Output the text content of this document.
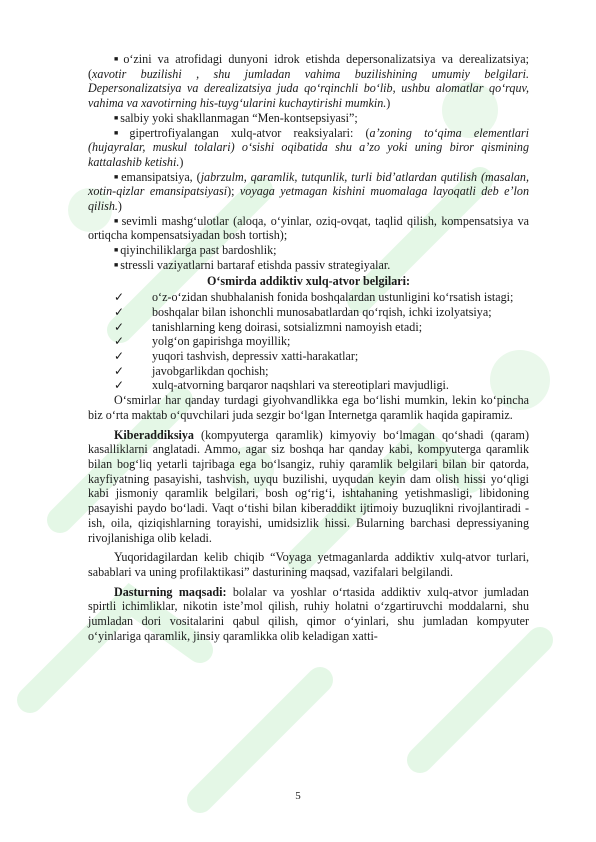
■ o‘zini va atrofidagi dunyoni idrok etishda depersonalizatsiya va derealizatsiya; (xavotir buzilishi , shu jumladan vahima buzilishining umumiy belgilari. Depersonalizatsiya va derealizatsiya juda qo‘rqinchli bo‘lib, ushbu alomatlar qo‘rquv, vahima va xavotirning his-tuyg‘ularini kuchaytirishi mumkin.)

■ salbiy yoki shakllanmagan “Men-kontsepsiyasi”;

■ gipertrofiyalangan xulq-atvor reaksiyalari: (a’zoning to‘qima elementlari (hujayralar, muskul tolalari) o‘sishi oqibatida shu a’zo yoki uning biror qismining kattalashib ketishi.)

■ emansipatsiya, (jabrzulm, qaramlik, tutqunlik, turli bid’atlardan qutilish (masalan, xotin-qizlar emansipatsiyasi); voyaga yetmagan kishini muomalaga layoqatli deb e’lon qilish.)

■ sevimli mashg‘ulotlar (aloqa, o‘yinlar, oziq-ovqat, taqlid qilish, kompensatsiya va ortiqcha kompensatsiyadan bosh tortish);

■ qiyinchiliklarga past bardoshlik;

■ stressli vaziyatlarni bartaraf etishda passiv strategiyalar.

O‘smirda addiktiv xulq-atvor belgilari:

✓ o‘z-o‘zidan shubhalanish fonida boshqalardan ustunligini ko‘rsatish istagi;
✓ boshqalar bilan ishonchli munosabatlardan qo‘rqish, ichki izolyatsiya;
✓ tanishlarning keng doirasi, sotsializmni namoyish etadi;
✓ yolg‘on gapirishga moyillik;
✓ yuqori tashvish, depressiv xatti-harakatlar;
✓ javobgarlikdan qochish;
✓ xulq-atvorning barqaror naqshlari va stereotiplari mavjudligi.

O‘smirlar har qanday turdagi giyohvandlikka ega bo‘lishi mumkin, lekin ko‘pincha biz o‘rta maktab o‘quvchilari juda sezgir bo‘lgan Internetga qaramlik haqida gapiramiz.

Kiberaddiksiya (kompyuterga qaramlik) kimyoviy bo‘lmagan qo‘shadi (qaram) kasalliklarni anglatadi. Ammo, agar siz boshqa har qanday kabi, kompyuterga qaramlik bilan bog‘liq yetarli tajribaga ega bo‘lsangiz, ruhiy qaramlik belgilari bilan bir qatorda, kayfiyatning pasayishi, tashvish, uyqu buzilishi, uyqudan keyin dam olish hissi yo‘qligi kabi jismoniy qaramlik belgilari, bosh og‘rig‘i, ishtahaning yetishmasligi, libidoning pasayishi paydo bo‘ladi. Vaqt o‘tishi bilan kiberaddikt ijtimoiy buzuqlikni rivojlantiradi - ish, oila, qiziqishlarning torayishi, umidsizlik hissi. Bularning barchasi depressiyaning rivojlanishiga olib keladi.

Yuqoridagilardan kelib chiqib “Voyaga yetmaganlarda addiktiv xulq-atvor turlari, sabablari va uning profilaktikasi” dasturining maqsad, vazifalari belgilandi.

Dasturning maqsadi: bolalar va yoshlar o‘rtasida addiktiv xulq-atvor jumladan spirtli ichimliklar, nikotin iste’mol qilish, ruhiy holatni o‘zgartiruvchi moddalarni, shu jumladan dori vositalarini qabul qilish, qimor o‘yinlari, shu jumladan kompyuter o‘yinlariga qaramlik, jinsiy qaramlikka olib keladigan xatti-

5
